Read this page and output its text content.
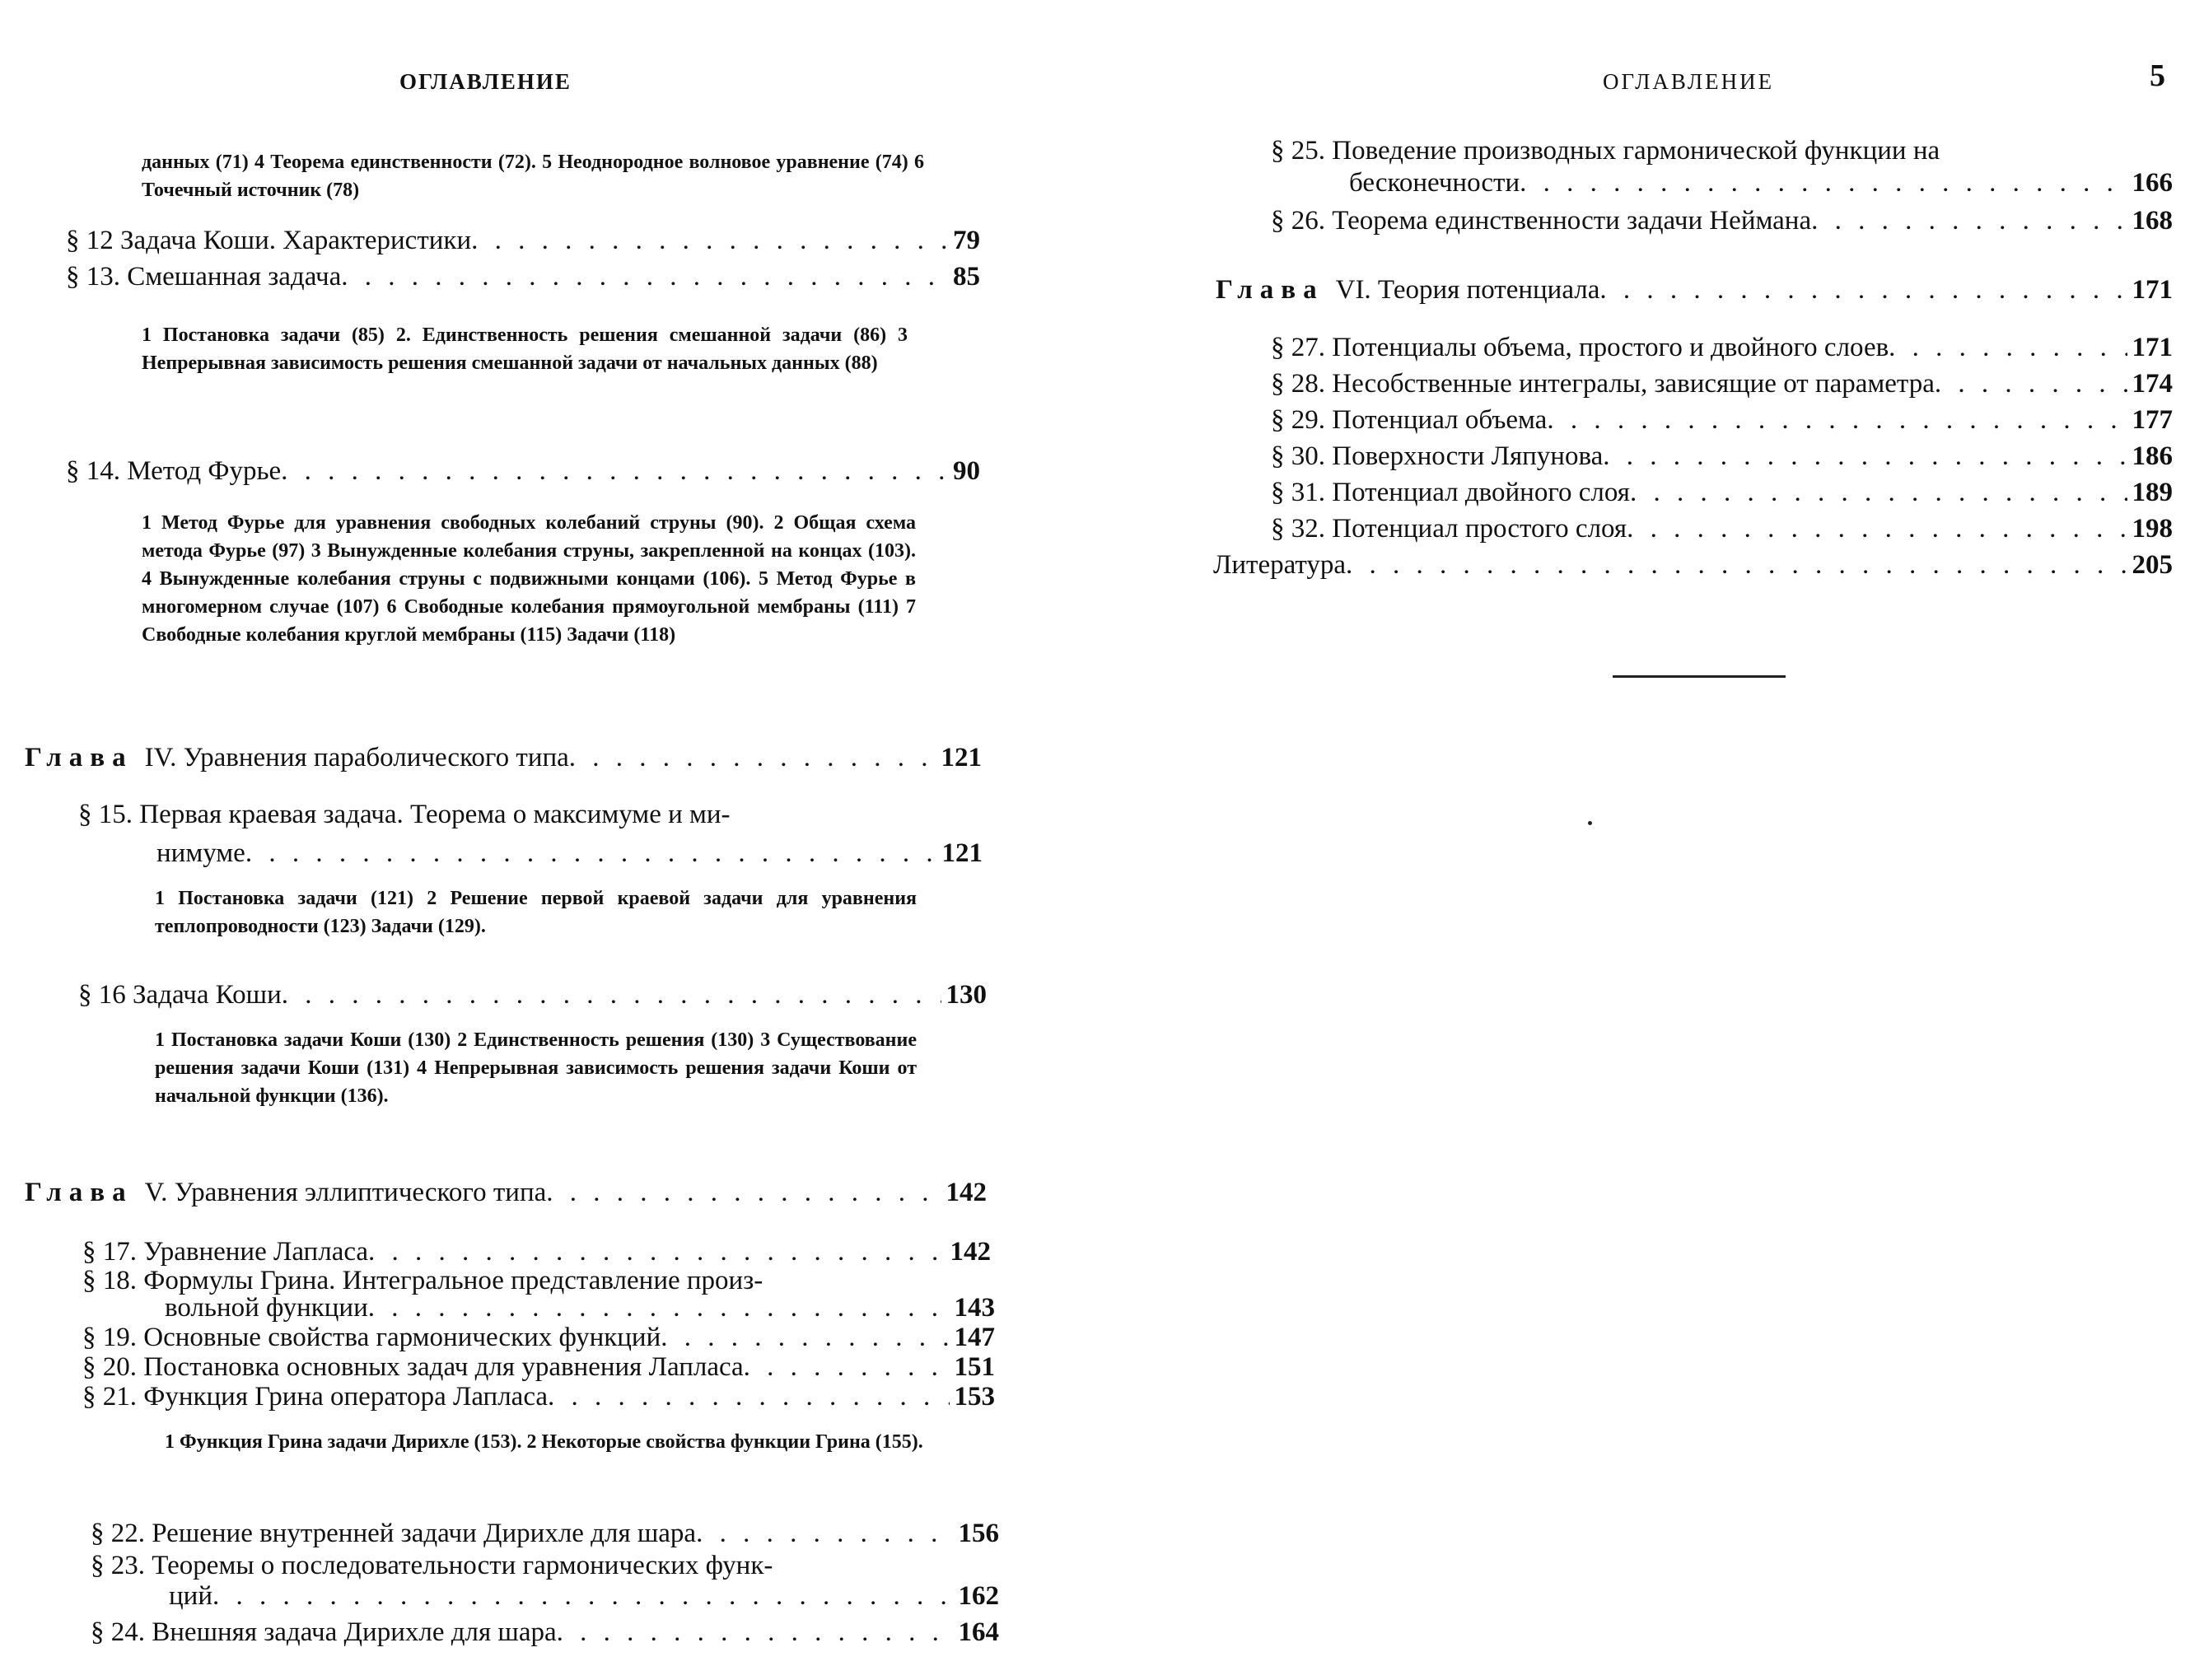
ОГЛАВЛЕНИЕ
данных (71) 4 Теорема единственности (72). 5 Неоднородное волновое уравнение (74) 6 Точечный источник (78)
§ 12 Задача Коши. Характеристики . . .	79
§ 13. Смешанная задача . . .	85
1 Постановка задачи (85) 2. Единственность решения смешанной задачи (86) 3 Непрерывная зависимость решения смешанной задачи от начальных данных (88)
§ 14. Метод Фурье . . .	90
1 Метод Фурье для уравнения свободных колебаний струны (90). 2 Общая схема метода Фурье (97) 3 Вынужденные колебания струны, закрепленной на концах (103). 4 Вынужденные колебания струны с подвижными концами (106). 5 Метод Фурье в многомерном случае (107) 6 Свободные колебания прямоугольной мембраны (111) 7 Свободные колебания круглой мембраны (115) Задачи (118)
Глава IV. Уравнения параболического типа . . .	121
§ 15. Первая краевая задача. Теорема о максимуме и ми-
нимуме . . .	121
1 Постановка задачи (121) 2 Решение первой краевой задачи для уравнения теплопроводности (123) Задачи (129).
§ 16 Задача Коши . . .	130
1 Постановка задачи Коши (130) 2 Единственность решения (130) 3 Существование решения задачи Коши (131) 4 Непрерывная зависимость решения задачи Коши от начальной функции (136).
Глава V. Уравнения эллиптического типа . . .	142
§ 17. Уравнение Лапласа . . .	142
§ 18. Формулы Грина. Интегральное представление произ-
вольной функции . . .	143
§ 19. Основные свойства гармонических функций . . .	147
§ 20. Постановка основных задач для уравнения Лапласа . . .	151
§ 21. Функция Грина оператора Лапласа . . .	153
1 Функция Грина задачи Дирихле (153). 2 Некоторые свойства функции Грина (155).
§ 22. Решение внутренней задачи Дирихле для шара . . .	156
§ 23. Теоремы о последовательности гармонических функ-
ций . . .	162
§ 24. Внешняя задача Дирихле для шара . . .	164
ОГЛАВЛЕНИЕ	5
§ 25. Поведение производных гармонической функции на
бесконечности . . .	166
§ 26. Теорема единственности задачи Неймана . . .	168
Глава VI. Теория потенциала . . .	171
§ 27. Потенциалы объема, простого и двойного слоев . . .	171
§ 28. Несобственные интегралы, зависящие от параметра . . .	174
§ 29. Потенциал объема . . .	177
§ 30. Поверхности Ляпунова . . .	186
§ 31. Потенциал двойного слоя . . .	189
§ 32. Потенциал простого слоя . . .	198
Литература . . .	205
